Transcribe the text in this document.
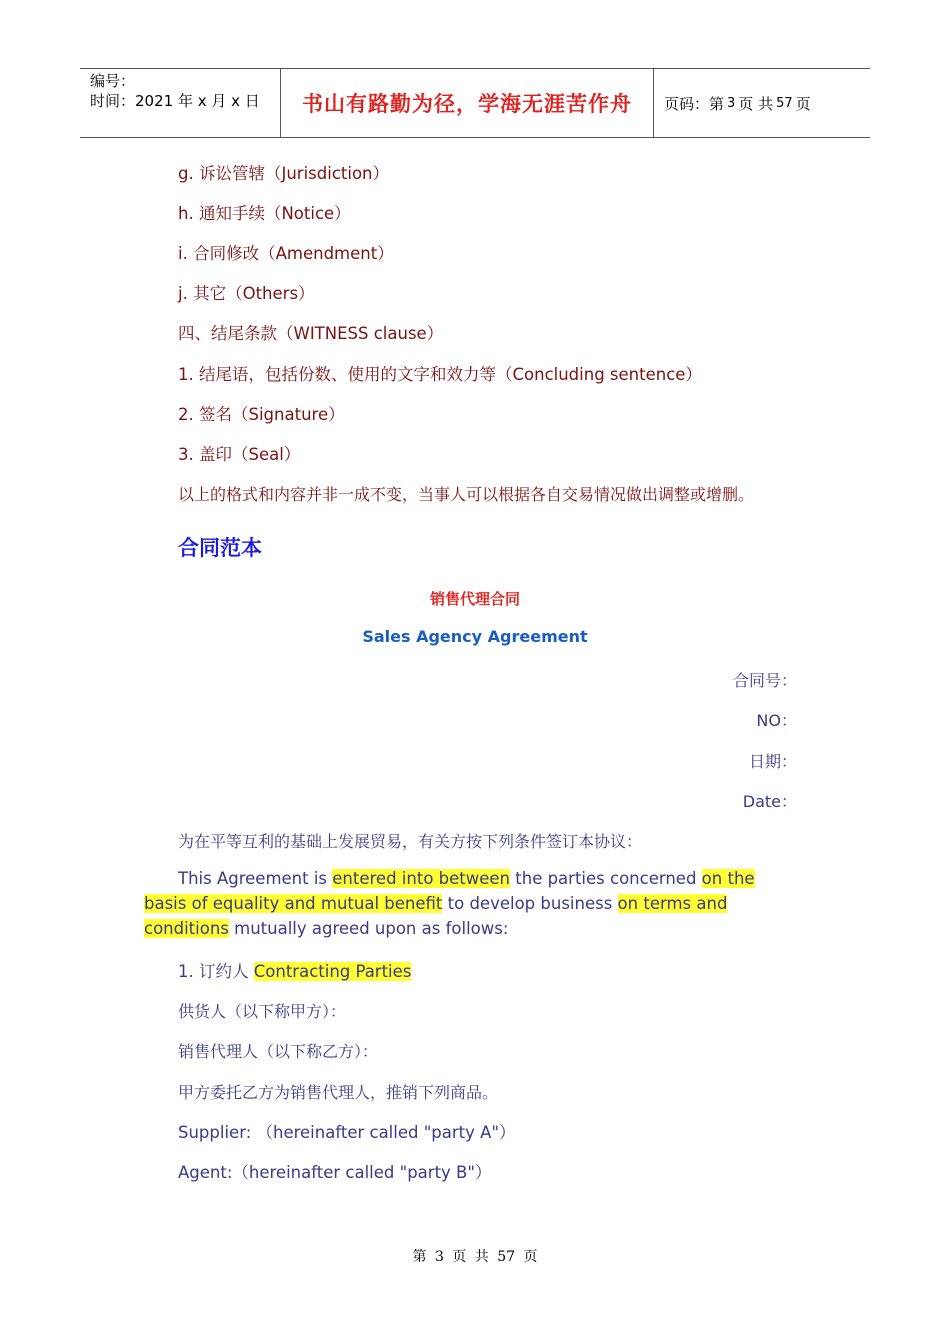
编号：
时间：2021 年 x 月 x 日	书山有路勤为径，学海无涯苦作舟 页码：第 3 页 共 57 页
g. 诉讼管辖（Jurisdiction）
h. 通知手续（Notice）
i. 合同修改（Amendment）
j. 其它（Others）
四、结尾条款（WITNESS clause）
1. 结尾语，包括份数、使用的文字和效力等（Concluding sentence）
2. 签名（Signature）
3. 盖印（Seal）
以上的格式和内容并非一成不变，当事人可以根据各自交易情况做出调整或增删。
合同范本
销售代理合同
Sales Agency Agreement
合同号：
NO：
日期：
Date：
为在平等互利的基础上发展贸易，有关方按下列条件签订本协议：
This Agreement is entered into between the parties concerned on the basis of equality and mutual benefit to develop business on terms and conditions mutually agreed upon as follows:
1. 订约人 Contracting Parties
供货人（以下称甲方）：
销售代理人（以下称乙方）：
甲方委托乙方为销售代理人，推销下列商品。
Supplier: （hereinafter called "party A"）
Agent:（hereinafter called "party B"）
第 3 页 共 57 页
